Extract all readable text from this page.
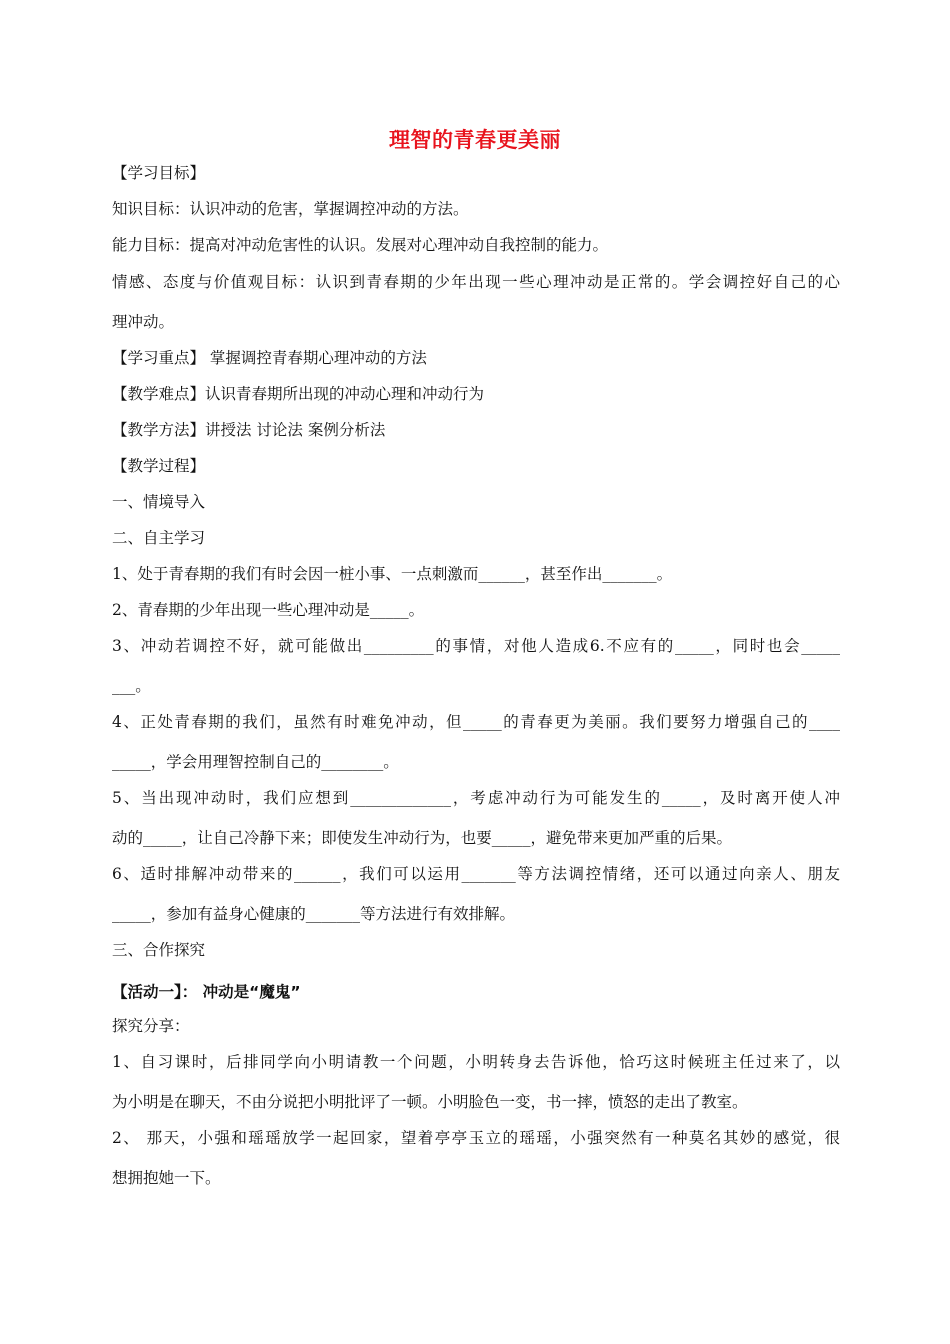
理智的青春更美丽
【学习目标】
知识目标：认识冲动的危害，掌握调控冲动的方法。
能力目标：提高对冲动危害性的认识。发展对心理冲动自我控制的能力。
情感、态度与价值观目标：认识到青春期的少年出现一些心理冲动是正常的。学会调控好自己的心
理冲动。
【学习重点】 掌握调控青春期心理冲动的方法
【教学难点】认识青春期所出现的冲动心理和冲动行为
【教学方法】讲授法 讨论法 案例分析法
【教学过程】
一、情境导入
二、自主学习
1、处于青春期的我们有时会因一桩小事、一点刺激而______，甚至作出_______。
2、青春期的少年出现一些心理冲动是_____。
3、冲动若调控不好，就可能做出_________的事情，对他人造成6.不应有的_____，同时也会_____
___。
4、正处青春期的我们，虽然有时难免冲动，但_____的青春更为美丽。我们要努力增强自己的____
_____，学会用理智控制自己的________。
5、当出现冲动时，我们应想到_____________，考虑冲动行为可能发生的_____，及时离开使人冲
动的_____，让自己冷静下来；即使发生冲动行为，也要_____，避免带来更加严重的后果。
6、适时排解冲动带来的______，我们可以运用_______等方法调控情绪，还可以通过向亲人、朋友
_____，参加有益身心健康的_______等方法进行有效排解。
三、合作探究
【活动一】： 冲动是“魔鬼”
探究分享：
1、自习课时，后排同学向小明请教一个问题，小明转身去告诉他，恰巧这时候班主任过来了，以
为小明是在聊天，不由分说把小明批评了一顿。小明脸色一变，书一摔，愤怒的走出了教室。
2、 那天，小强和瑶瑶放学一起回家，望着亭亭玉立的瑶瑶，小强突然有一种莫名其妙的感觉，很
想拥抱她一下。
